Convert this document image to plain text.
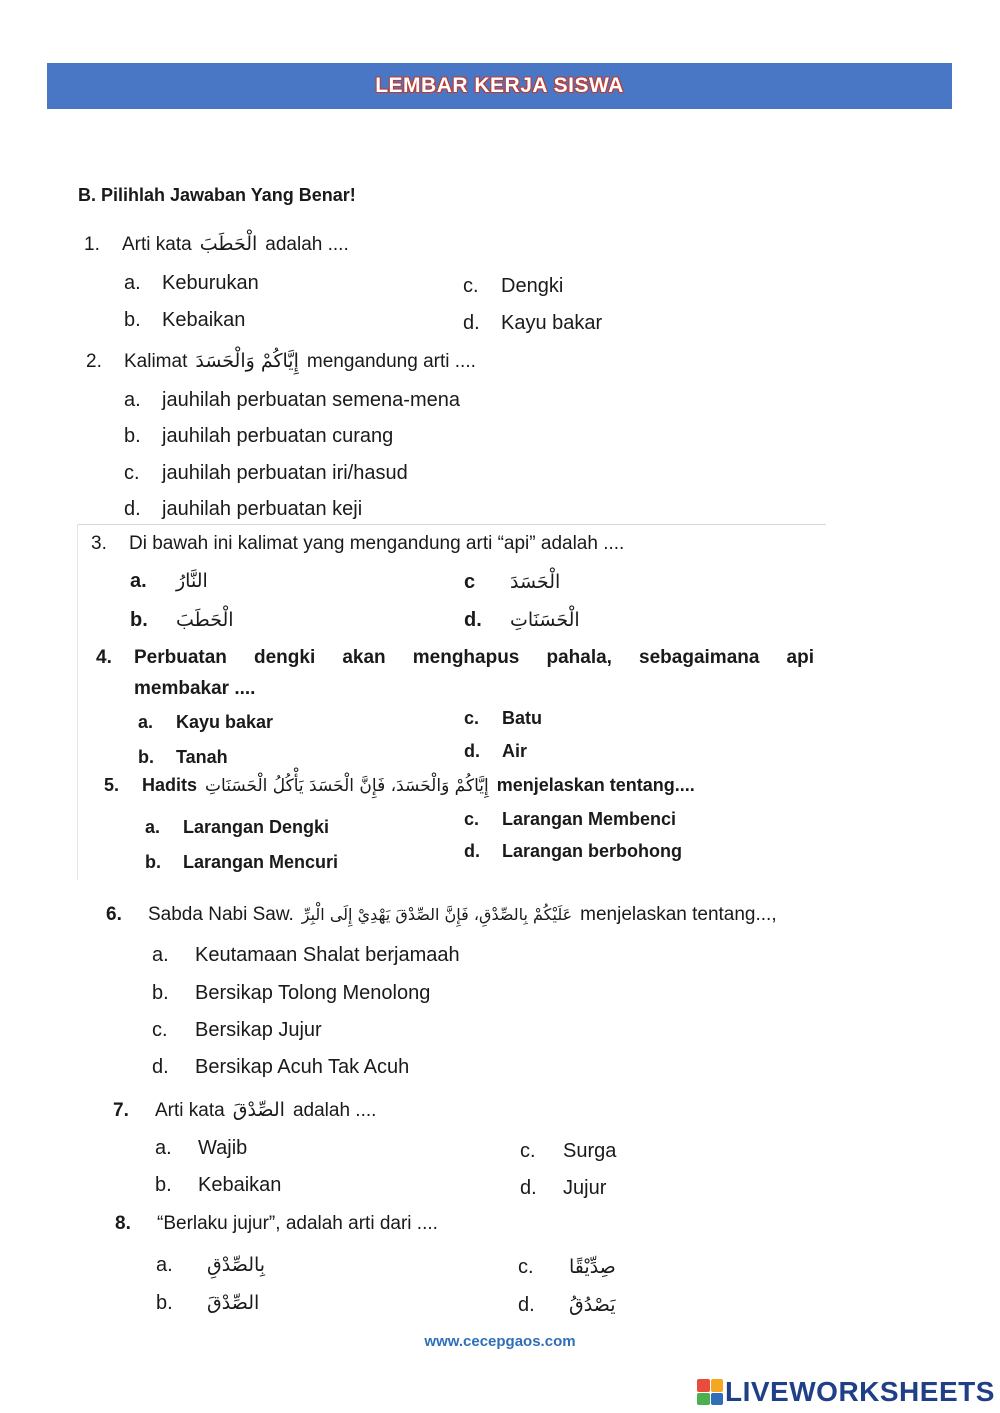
LEMBAR KERJA SISWA
B. Pilihlah Jawaban Yang Benar!
1. Arti kata الْحَطَبَ adalah ....
a. Keburukan
b. Kebaikan
c. Dengki
d. Kayu bakar
2. Kalimat إِيَّاكُمْ وَالْحَسَدَ mengandung arti ....
a. jauhilah perbuatan semena-mena
b. jauhilah perbuatan curang
c. jauhilah perbuatan iri/hasud
d. jauhilah perbuatan keji
3. Di bawah ini kalimat yang mengandung arti “api” adalah ....
a. النَّارُ
b. الْحَطَبَ
c الْحَسَدَ
d. الْحَسَنَاتِ
4.	Perbuatan dengki akan menghapus pahala, sebagaimana api
membakar ....
a. Kayu bakar
b. Tanah
c. Batu
d. Air
5. Hadits إِيَّاكُمْ وَالْحَسَدَ، فَإِنَّ الْحَسَدَ يَأْكُلُ الْحَسَنَاتِ menjelaskan tentang....
a. Larangan Dengki
b. Larangan Mencuri
c. Larangan Membenci
d. Larangan berbohong
6. Sabda Nabi Saw. عَلَيْكُمْ بِالصِّدْقِ، فَإِنَّ الصِّدْقَ يَهْدِيْ إِلَى الْبِرِّ menjelaskan tentang...,
a. Keutamaan Shalat berjamaah
b. Bersikap Tolong Menolong
c. Bersikap Jujur
d. Bersikap Acuh Tak Acuh
7. Arti kata الصِّدْقَ adalah ....
a. Wajib
b. Kebaikan
c. Surga
d. Jujur
8. “Berlaku jujur”, adalah arti dari ....
a. بِالصِّدْقِ
b. الصِّدْقَ
c. صِدِّيْقًا
d. يَصْدُقُ
www.cecepgaos.com
LIVEWORKSHEETS
